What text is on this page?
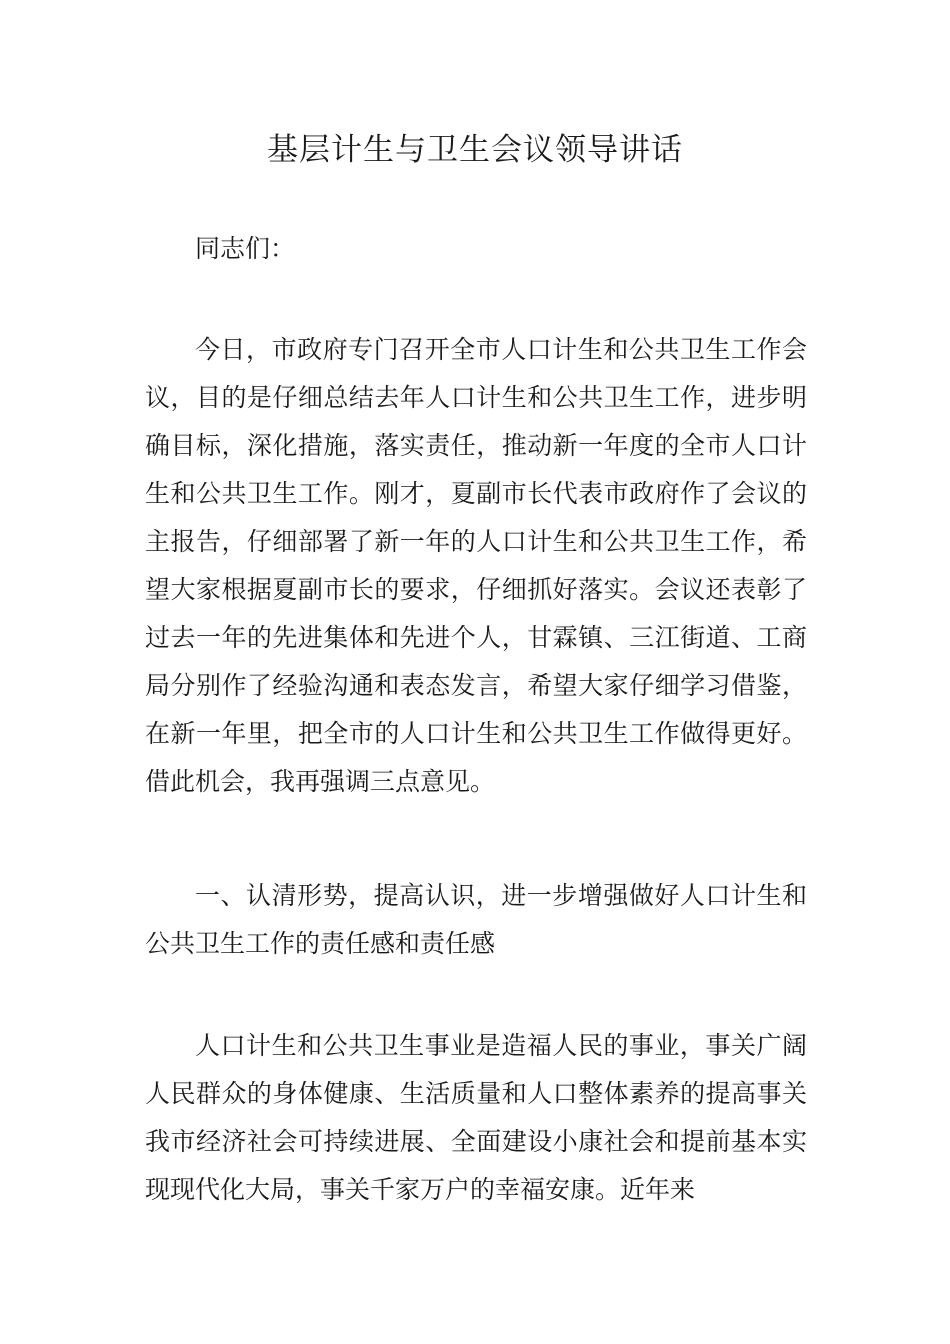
基层计生与卫生会议领导讲话

同志们：

今日，市政府专门召开全市人口计生和公共卫生工作会议，目的是仔细总结去年人口计生和公共卫生工作，进步明确目标，深化措施，落实责任，推动新一年度的全市人口计生和公共卫生工作。刚才，夏副市长代表市政府作了会议的主报告，仔细部署了新一年的人口计生和公共卫生工作，希望大家根据夏副市长的要求，仔细抓好落实。会议还表彰了过去一年的先进集体和先进个人，甘霖镇、三江街道、工商局分别作了经验沟通和表态发言，希望大家仔细学习借鉴，在新一年里，把全市的人口计生和公共卫生工作做得更好。借此机会，我再强调三点意见。

一、认清形势，提高认识，进一步增强做好人口计生和公共卫生工作的责任感和责任感

人口计生和公共卫生事业是造福人民的事业，事关广阔人民群众的身体健康、生活质量和人口整体素养的提高事关我市经济社会可持续进展、全面建设小康社会和提前基本实现现代化大局，事关千家万户的幸福安康。近年来
